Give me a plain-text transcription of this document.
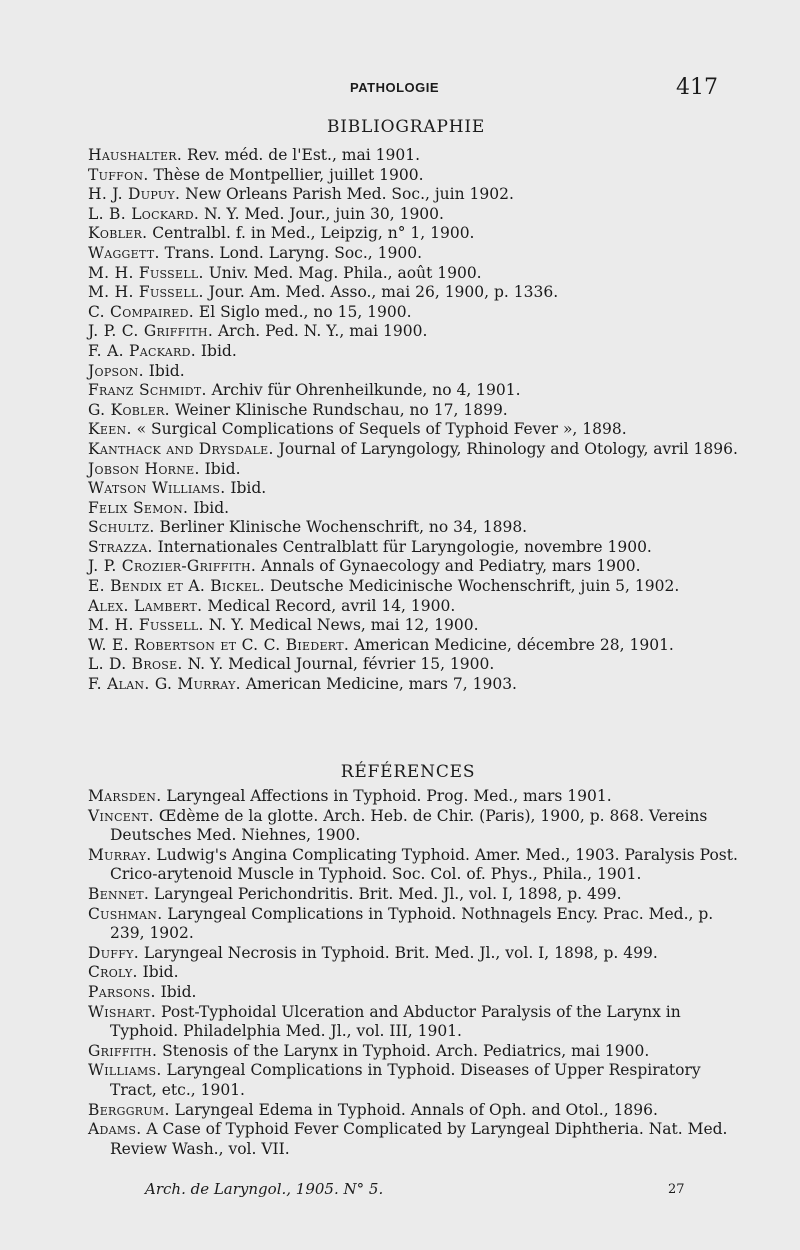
PATHOLOGIE	417
BIBLIOGRAPHIE

Haushalter. Rev. méd. de l'Est., mai 1901.

Tuffon. Thèse de Montpellier, juillet 1900.

H. J. Dupuy. New Orleans Parish Med. Soc., juin 1902.

L. B. Lockard. N. Y. Med. Jour., juin 30, 1900.

Kobler. Centralbl. f. in Med., Leipzig, n° 1, 1900.

Waggett. Trans. Lond. Laryng. Soc., 1900.

M. H. Fussell. Univ. Med. Mag. Phila., août 1900.

M. H. Fussell. Jour. Am. Med. Asso., mai 26, 1900, p. 1336.

C. Compaired. El Siglo med., no 15, 1900.

J. P. C. Griffith. Arch. Ped. N. Y., mai 1900.

F. A. Packard. Ibid.

Jopson. Ibid.

Franz Schmidt. Archiv für Ohrenheilkunde, no 4, 1901.

G. Kobler. Weiner Klinische Rundschau, no 17, 1899.

Keen. « Surgical Complications of Sequels of Typhoid Fever », 1898.

Kanthack and Drysdale. Journal of Laryngology, Rhinology and Otology, avril 1896.

Jobson Horne. Ibid.

Watson Williams. Ibid.

Felix Semon. Ibid.

Schultz. Berliner Klinische Wochenschrift, no 34, 1898.

Strazza. Internationales Centralblatt für Laryngologie, novembre 1900.

J. P. Crozier-Griffith. Annals of Gynaecology and Pediatry, mars 1900.

E. Bendix et A. Bickel. Deutsche Medicinische Wochenschrift, juin 5, 1902.

Alex. Lambert. Medical Record, avril 14, 1900.

M. H. Fussell. N. Y. Medical News, mai 12, 1900.

W. E. Robertson et C. C. Biedert. American Medicine, décembre 28, 1901.

L. D. Brose. N. Y. Medical Journal, février 15, 1900.

F. Alan. G. Murray. American Medicine, mars 7, 1903.

RÉFÉRENCES

Marsden. Laryngeal Affections in Typhoid. Prog. Med., mars 1901.

Vincent. Œdème de la glotte. Arch. Heb. de Chir. (Paris), 1900, p. 868. Vereins Deutsches Med. Niehnes, 1900.

Murray. Ludwig's Angina Complicating Typhoid. Amer. Med., 1903. Paralysis Post. Crico-arytenoid Muscle in Typhoid. Soc. Col. of. Phys., Phila., 1901.

Bennet. Laryngeal Perichondritis. Brit. Med. Jl., vol. I, 1898, p. 499.

Cushman. Laryngeal Complications in Typhoid. Nothnagels Ency. Prac. Med., p. 239, 1902.

Duffy. Laryngeal Necrosis in Typhoid. Brit. Med. Jl., vol. I, 1898, p. 499.

Croly. Ibid.

Parsons. Ibid.

Wishart. Post-Typhoidal Ulceration and Abductor Paralysis of the Larynx in Typhoid. Philadelphia Med. Jl., vol. III, 1901.

Griffith. Stenosis of the Larynx in Typhoid. Arch. Pediatrics, mai 1900.

Williams. Laryngeal Complications in Typhoid. Diseases of Upper Respiratory Tract, etc., 1901.

Berggrum. Laryngeal Edema in Typhoid. Annals of Oph. and Otol., 1896.

Adams. A Case of Typhoid Fever Complicated by Laryngeal Diphtheria. Nat. Med. Review Wash., vol. VII.

Arch. de Laryngol., 1905. N° 5.	27
